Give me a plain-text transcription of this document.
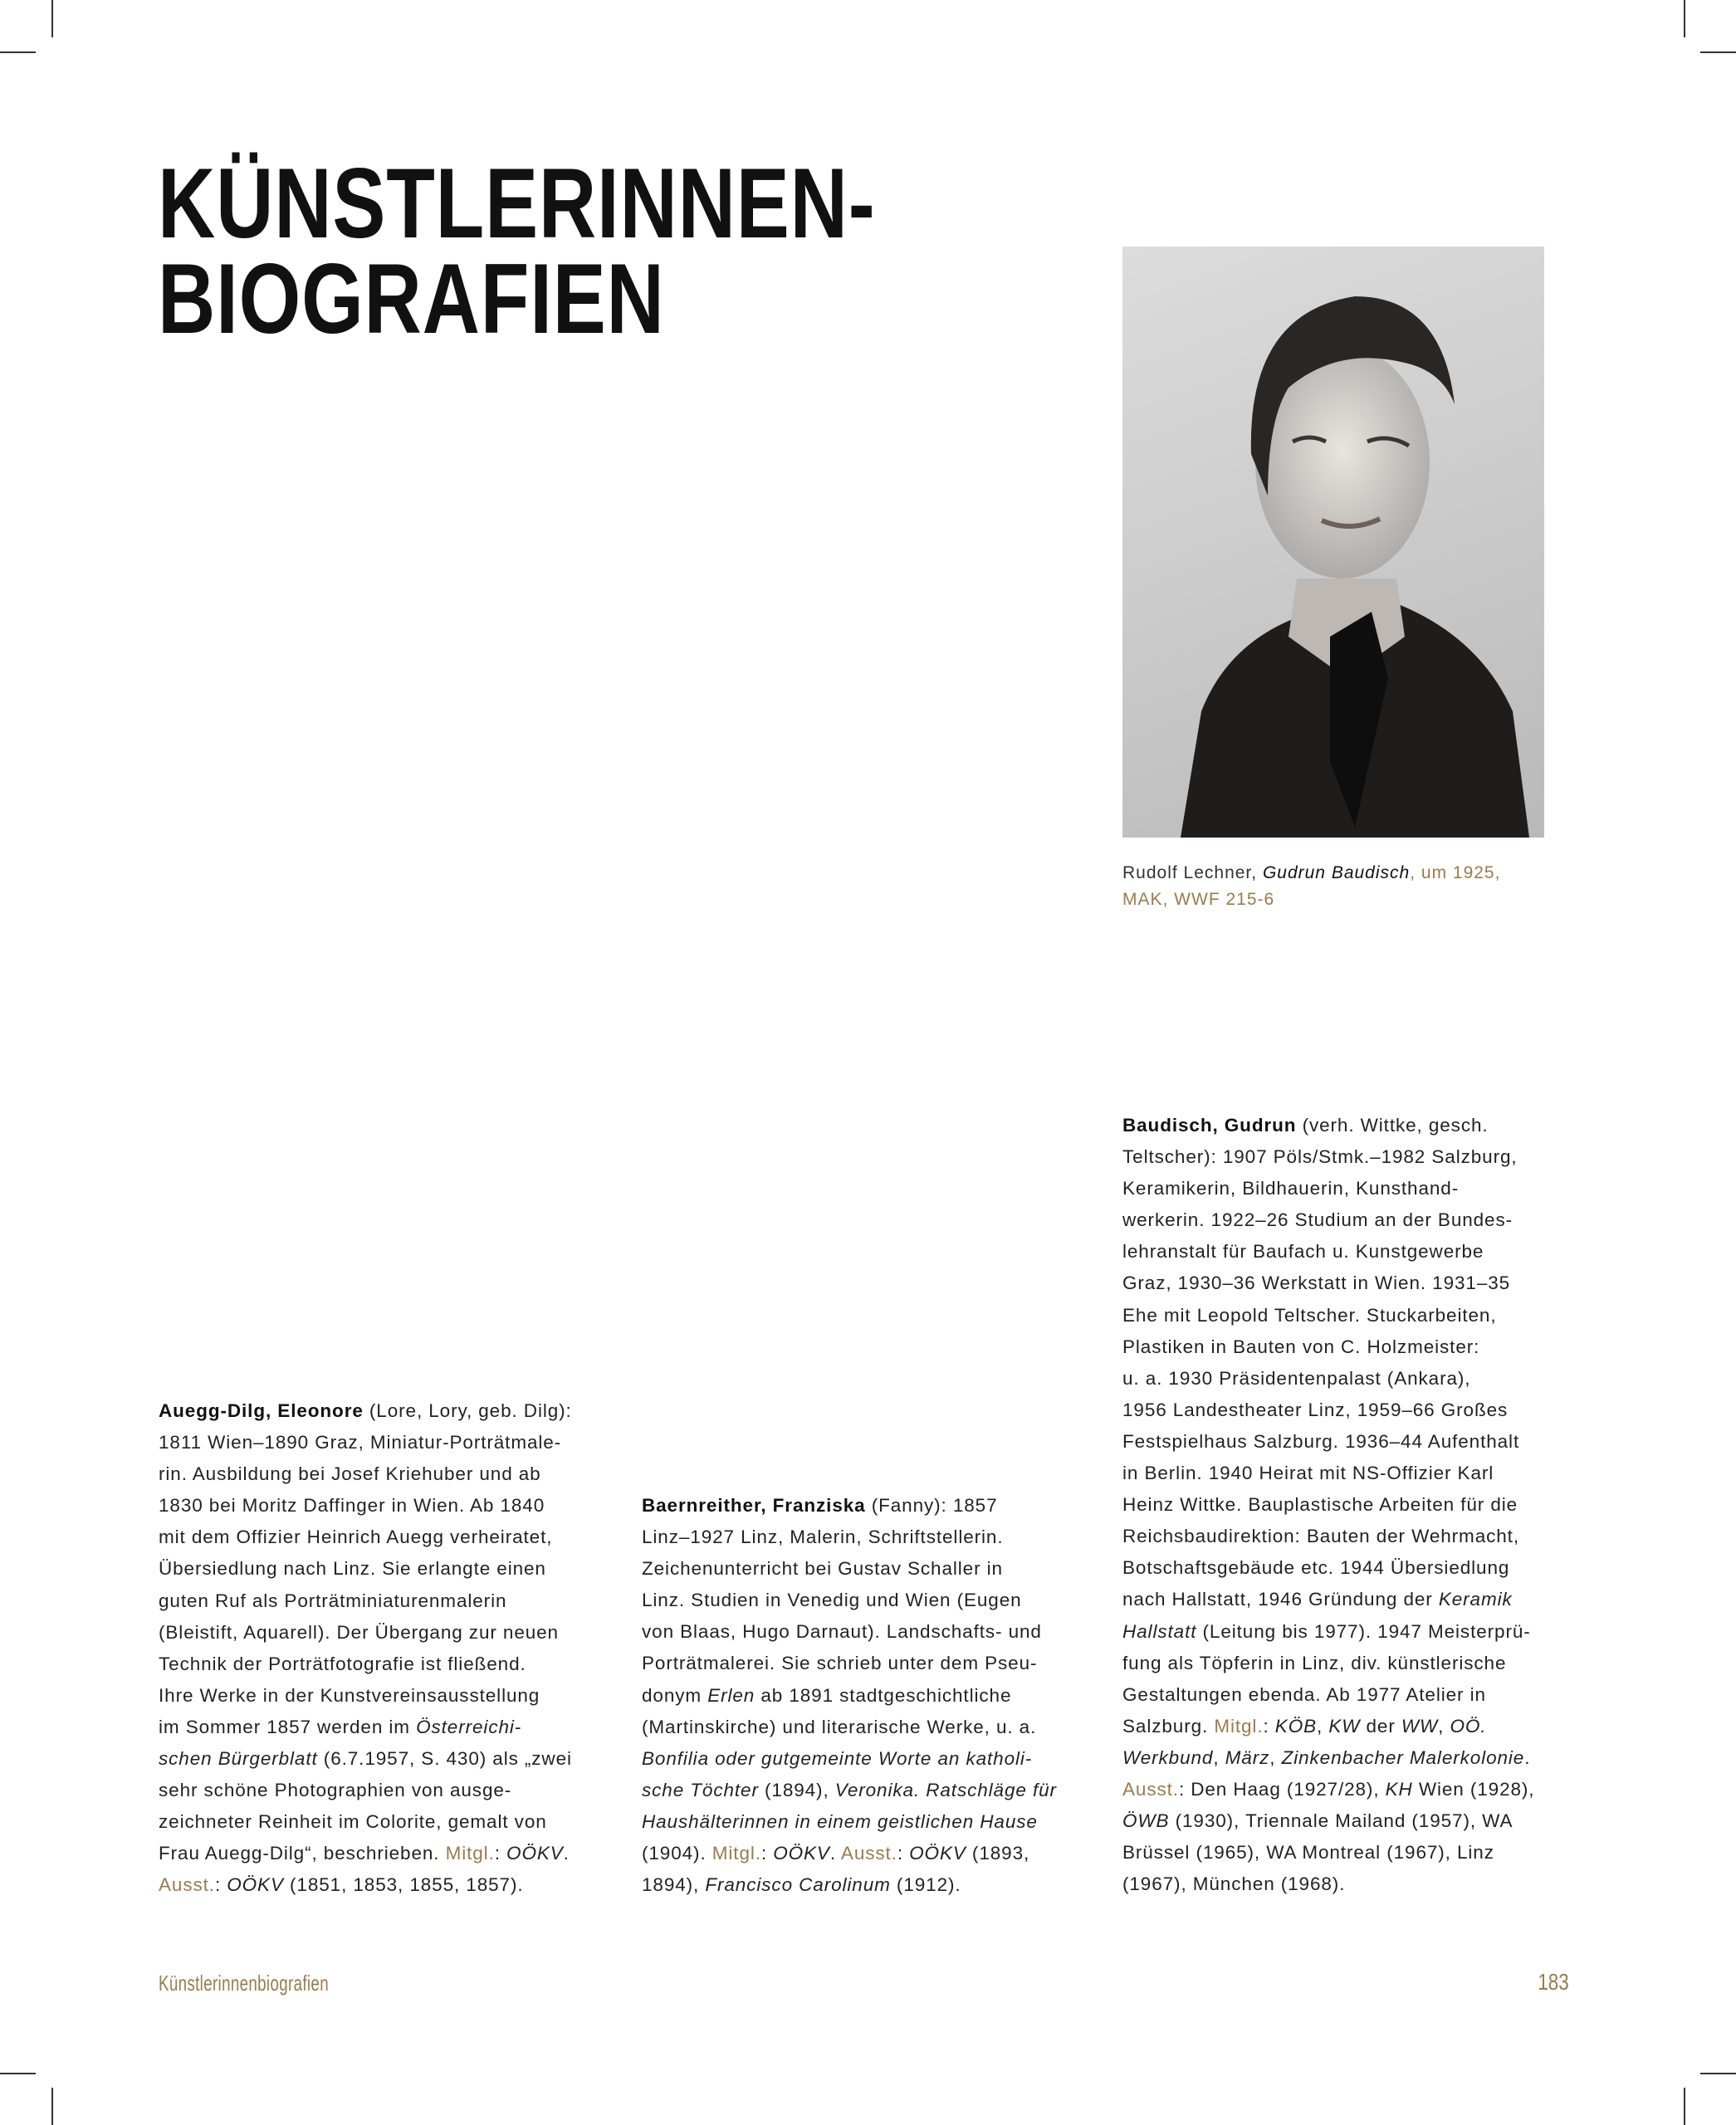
KÜNSTLERINNEN-
BIOGRAFIEN
Rudolf Lechner, Gudrun Baudisch, um 1925,
MAK, WWF 215-6
Auegg-Dilg, Eleonore (Lore, Lory, geb. Dilg):
1811 Wien–1890 Graz, Miniatur-Porträtmale-
rin. Ausbildung bei Josef Kriehuber und ab
1830 bei Moritz Daffinger in Wien. Ab 1840
mit dem Offizier Heinrich Auegg verheiratet,
Übersiedlung nach Linz. Sie erlangte einen
guten Ruf als Porträtminiaturenmalerin
(Bleistift, Aquarell). Der Übergang zur neuen
Technik der Porträtfotografie ist fließend.
Ihre Werke in der Kunstvereinsausstellung
im Sommer 1857 werden im Österreichi-
schen Bürgerblatt (6.7.1957, S. 430) als „zwei
sehr schöne Photographien von ausge-
zeichneter Reinheit im Colorite, gemalt von
Frau Auegg-Dilg“, beschrieben. Mitgl.: OÖKV.
Ausst.: OÖKV (1851, 1853, 1855, 1857).
Baernreither, Franziska (Fanny): 1857
Linz–1927 Linz, Malerin, Schriftstellerin.
Zeichenunterricht bei Gustav Schaller in
Linz. Studien in Venedig und Wien (Eugen
von Blaas, Hugo Darnaut). Landschafts- und
Porträtmalerei. Sie schrieb unter dem Pseu-
donym Erlen ab 1891 stadtgeschichtliche
(Martinskirche) und literarische Werke, u. a.
Bonfilia oder gutgemeinte Worte an katholi-
sche Töchter (1894), Veronika. Ratschläge für
Haushälterinnen in einem geistlichen Hause
(1904). Mitgl.: OÖKV. Ausst.: OÖKV (1893,
1894), Francisco Carolinum (1912).
Baudisch, Gudrun (verh. Wittke, gesch.
Teltscher): 1907 Pöls/Stmk.–1982 Salzburg,
Keramikerin, Bildhauerin, Kunsthand-
werkerin. 1922–26 Studium an der Bundes-
lehranstalt für Baufach u. Kunstgewerbe
Graz, 1930–36 Werkstatt in Wien. 1931–35
Ehe mit Leopold Teltscher. Stuckarbeiten,
Plastiken in Bauten von C. Holzmeister:
u. a. 1930 Präsidentenpalast (Ankara),
1956 Landestheater Linz, 1959–66 Großes
Festspielhaus Salzburg. 1936–44 Aufenthalt
in Berlin. 1940 Heirat mit NS-Offizier Karl
Heinz Wittke. Bauplastische Arbeiten für die
Reichsbaudirektion: Bauten der Wehrmacht,
Botschaftsgebäude etc. 1944 Übersiedlung
nach Hallstatt, 1946 Gründung der Keramik
Hallstatt (Leitung bis 1977). 1947 Meisterprü-
fung als Töpferin in Linz, div. künstlerische
Gestaltungen ebenda. Ab 1977 Atelier in
Salzburg. Mitgl.: KÖB, KW der WW, OÖ.
Werkbund, März, Zinkenbacher Malerkolonie.
Ausst.: Den Haag (1927/28), KH Wien (1928),
ÖWB (1930), Triennale Mailand (1957), WA
Brüssel (1965), WA Montreal (1967), Linz
(1967), München (1968).
Künstlerinnenbiografien	183
